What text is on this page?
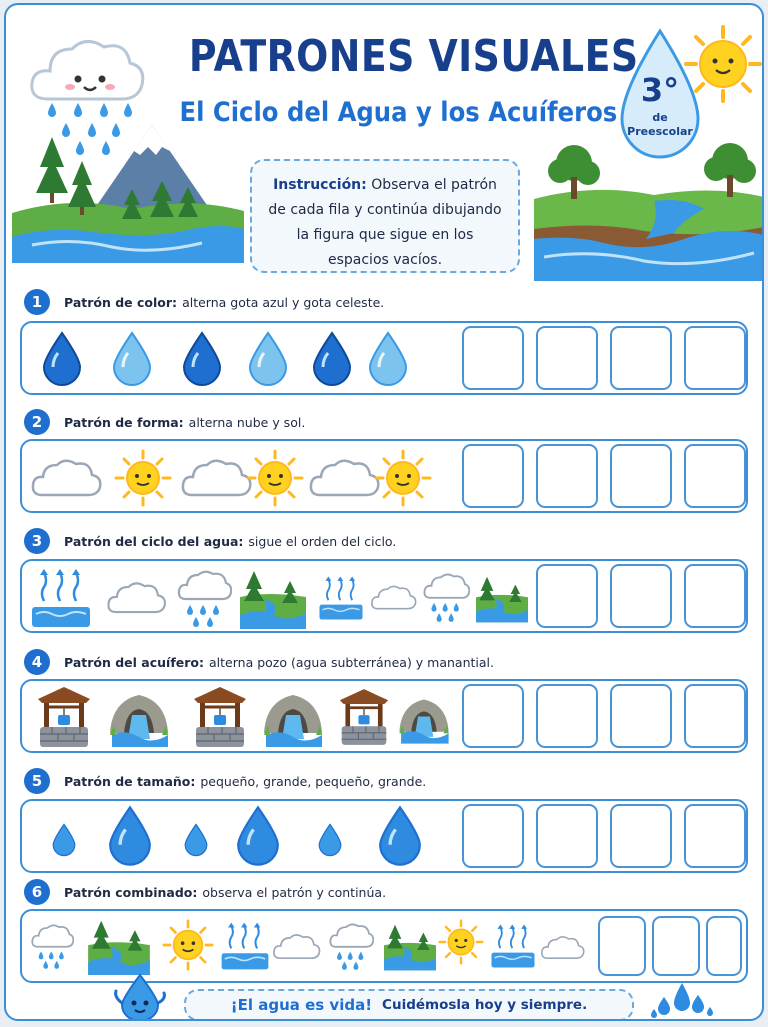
PATRONES VISUALES
El Ciclo del Agua y los Acuíferos
3°
de
Preescolar
Instrucción: Observa el patrón de cada fila y continúa dibujando la figura que sigue en los espacios vacíos.
1	Patrón de color: alterna gota azul y gota celeste.
2	Patrón de forma: alterna nube y sol.
3	Patrón del ciclo del agua: sigue el orden del ciclo.
4	Patrón del acuífero: alterna pozo (agua subterránea) y manantial.
5	Patrón de tamaño: pequeño, grande, pequeño, grande.
6	Patrón combinado: observa el patrón y continúa.
¡El agua es vida! Cuidémosla hoy y siempre.
